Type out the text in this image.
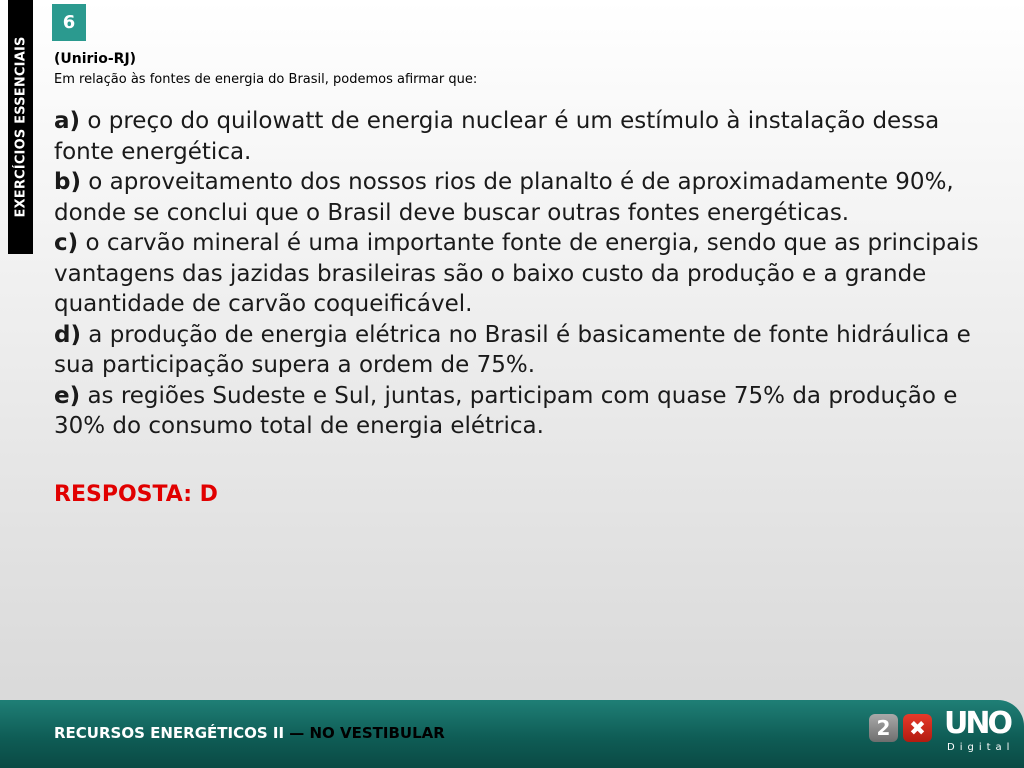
EXERCÍCIOS ESSENCIAIS
6
(Unirio-RJ)
Em relação às fontes de energia do Brasil, podemos afirmar que:
a) o preço do quilowatt de energia nuclear é um estímulo à instalação dessa fonte energética.
b) o aproveitamento dos nossos rios de planalto é de aproximadamente 90%, donde se conclui que o Brasil deve buscar outras fontes energéticas.
c) o carvão mineral é uma importante fonte de energia, sendo que as principais vantagens das jazidas brasileiras são o baixo custo da produção e a grande quantidade de carvão coqueificável.
d) a produção de energia elétrica no Brasil é basicamente de fonte hidráulica e sua participação supera a ordem de 75%.
e) as regiões Sudeste e Sul, juntas, participam com quase 75% da produção e 30% do consumo total de energia elétrica.
RESPOSTA: D
RECURSOS ENERGÉTICOS II — NO VESTIBULAR	2 ✖ UNO
Digital
